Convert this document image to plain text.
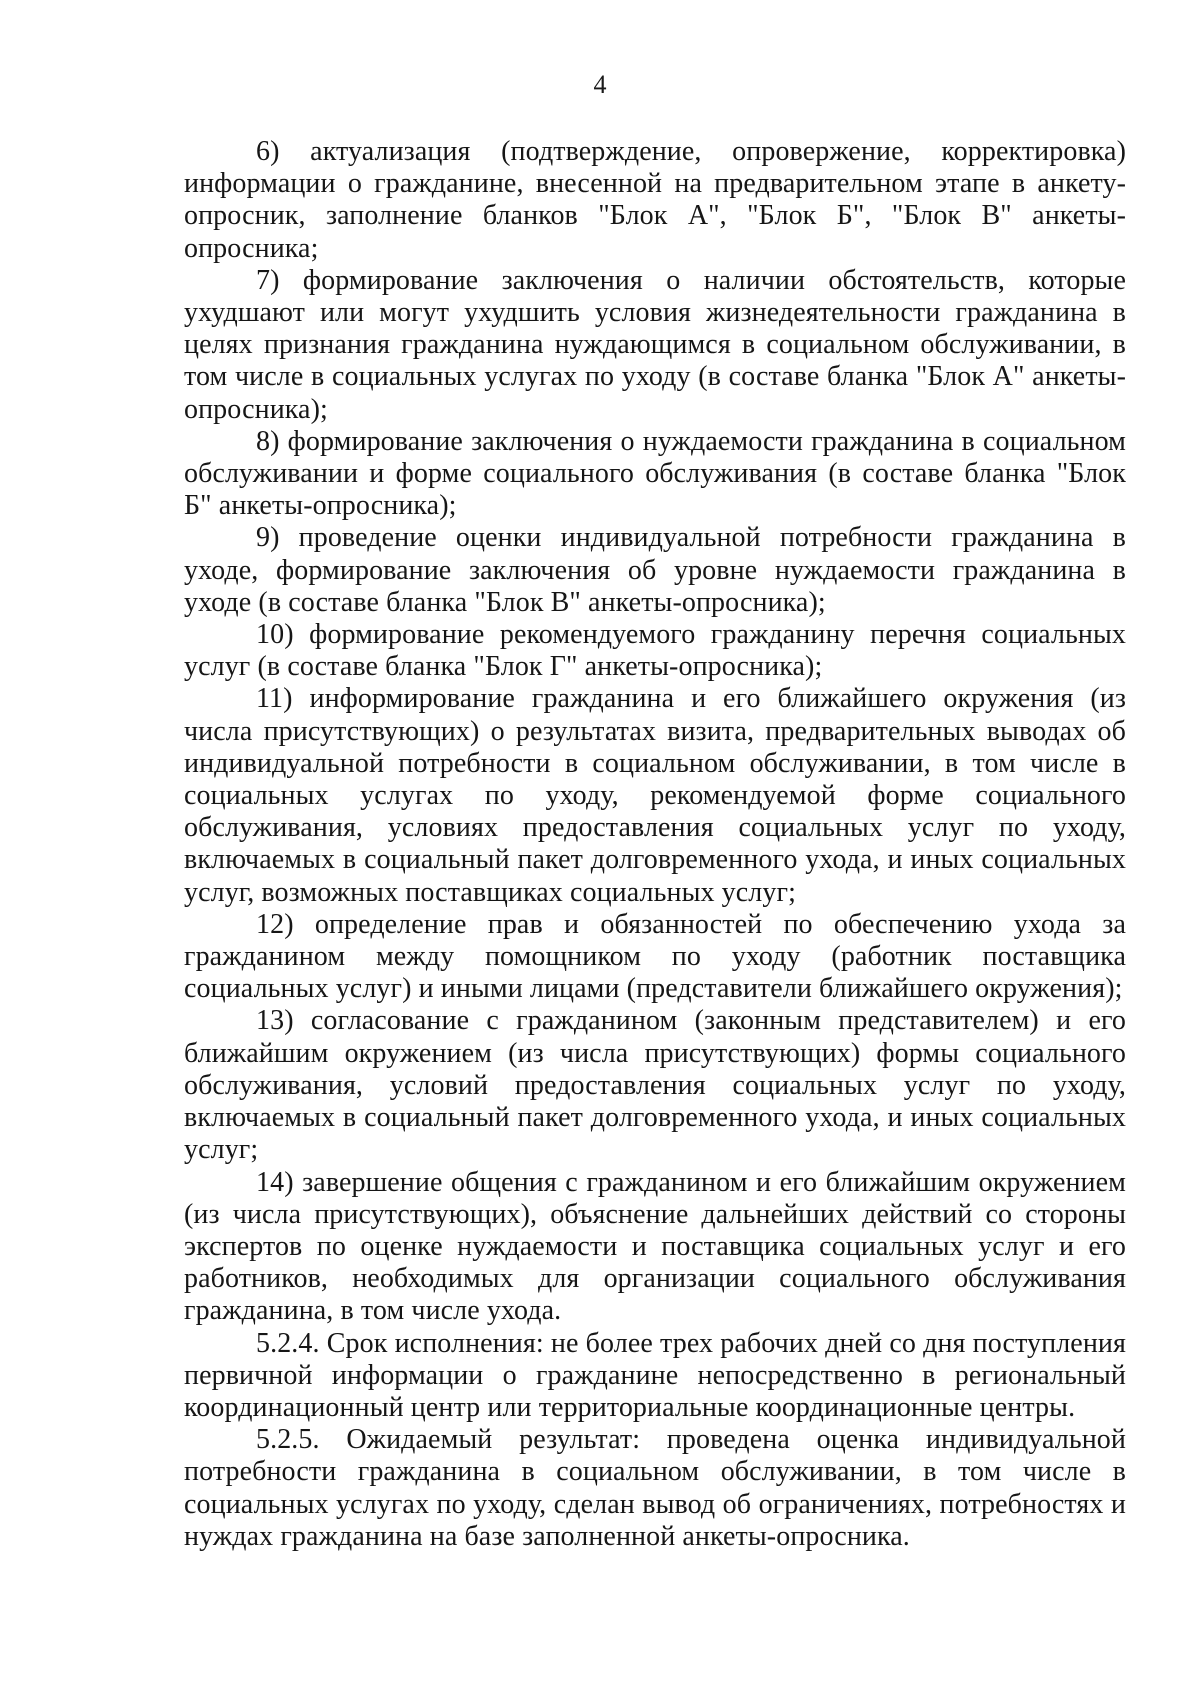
4

6) актуализация (подтверждение, опровержение, корректировка) информации о гражданине, внесенной на предварительном этапе в анкету-опросник, заполнение бланков "Блок А", "Блок Б", "Блок В" анкеты-опросника;

7) формирование заключения о наличии обстоятельств, которые ухудшают или могут ухудшить условия жизнедеятельности гражданина в целях признания гражданина нуждающимся в социальном обслуживании, в том числе в социальных услугах по уходу (в составе бланка "Блок А" анкеты-опросника);

8) формирование заключения о нуждаемости гражданина в социальном обслуживании и форме социального обслуживания (в составе бланка "Блок Б" анкеты-опросника);

9) проведение оценки индивидуальной потребности гражданина в уходе, формирование заключения об уровне нуждаемости гражданина в уходе (в составе бланка "Блок В" анкеты-опросника);

10) формирование рекомендуемого гражданину перечня социальных услуг (в составе бланка "Блок Г" анкеты-опросника);

11) информирование гражданина и его ближайшего окружения (из числа присутствующих) о результатах визита, предварительных выводах об индивидуальной потребности в социальном обслуживании, в том числе в социальных услугах по уходу, рекомендуемой форме социального обслуживания, условиях предоставления социальных услуг по уходу, включаемых в социальный пакет долговременного ухода, и иных социальных услуг, возможных поставщиках социальных услуг;

12) определение прав и обязанностей по обеспечению ухода за гражданином между помощником по уходу (работник поставщика социальных услуг) и иными лицами (представители ближайшего окружения);

13) согласование с гражданином (законным представителем) и его ближайшим окружением (из числа присутствующих) формы социального обслуживания, условий предоставления социальных услуг по уходу, включаемых в социальный пакет долговременного ухода, и иных социальных услуг;

14) завершение общения с гражданином и его ближайшим окружением (из числа присутствующих), объяснение дальнейших действий со стороны экспертов по оценке нуждаемости и поставщика социальных услуг и его работников, необходимых для организации социального обслуживания гражданина, в том числе ухода.

5.2.4. Срок исполнения: не более трех рабочих дней со дня поступления первичной информации о гражданине непосредственно в региональный координационный центр или территориальные координационные центры.

5.2.5. Ожидаемый результат: проведена оценка индивидуальной потребности гражданина в социальном обслуживании, в том числе в социальных услугах по уходу, сделан вывод об ограничениях, потребностях и нуждах гражданина на базе заполненной анкеты-опросника.
